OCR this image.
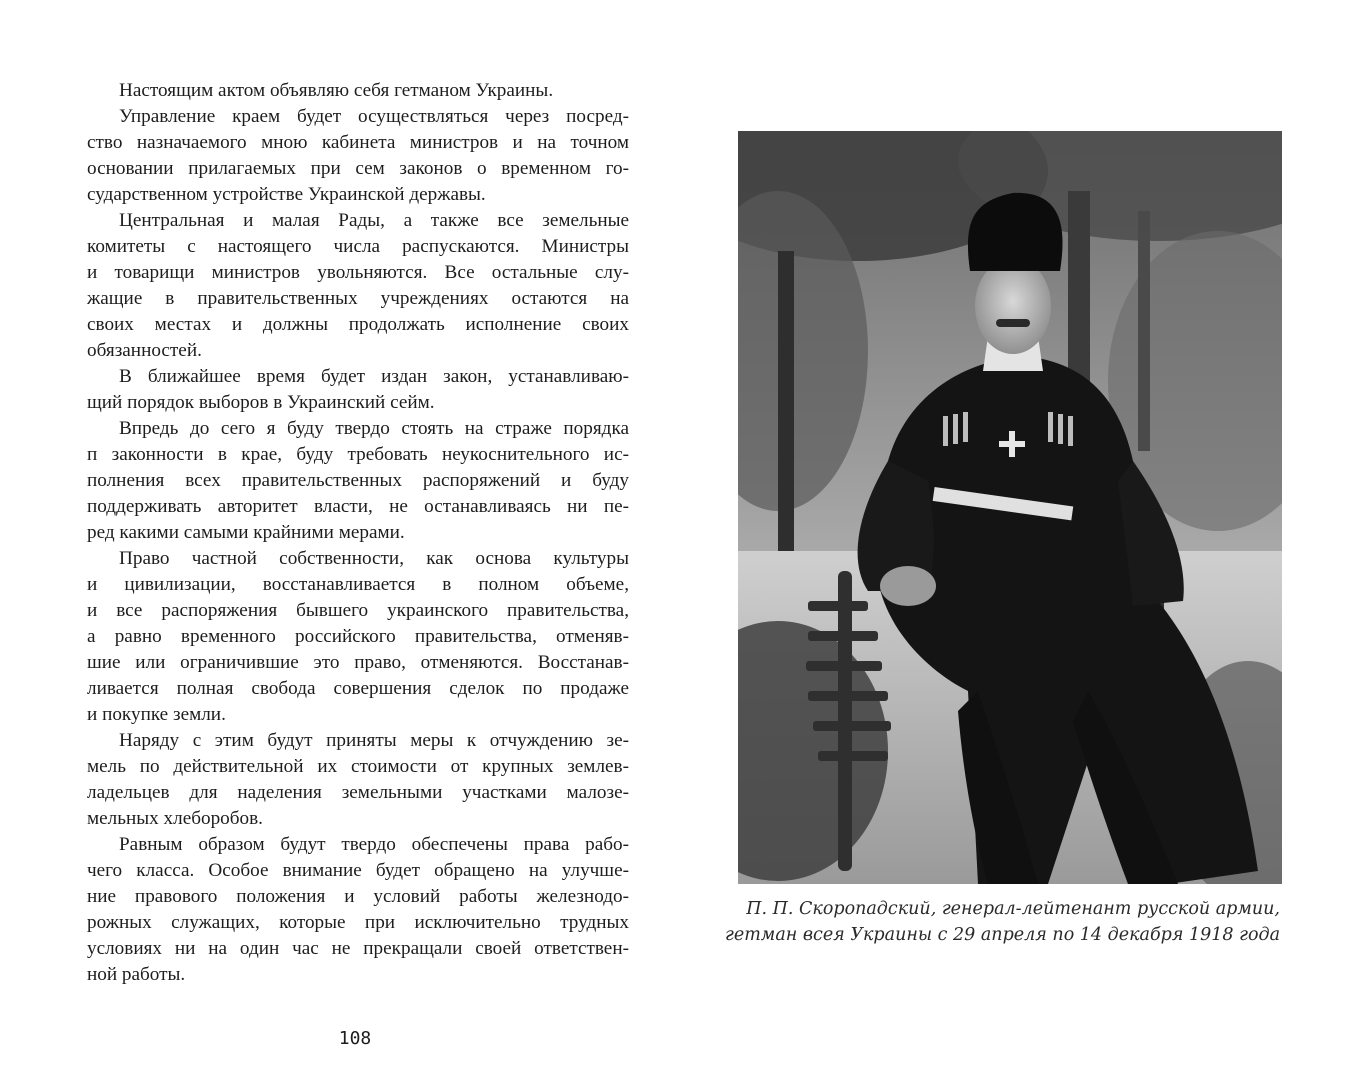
Настоящим актом объявляю себя гетманом Украины.
Управление краем будет осуществляться через посред-
ство назначаемого мною кабинета министров и на точном
основании прилагаемых при сем законов о временном го-
сударственном устройстве Украинской державы.
Центральная и малая Рады, а также все земельные
комитеты с настоящего числа распускаются. Министры
и товарищи министров увольняются. Все остальные слу-
жащие в правительственных учреждениях остаются на
своих местах и должны продолжать исполнение своих
обязанностей.
В ближайшее время будет издан закон, устанавливаю-
щий порядок выборов в Украинский сейм.
Впредь до сего я буду твердо стоять на страже порядка
п законности в крае, буду требовать неукоснительного ис-
полнения всех правительственных распоряжений и буду
поддерживать авторитет власти, не останавливаясь ни пе-
ред какими самыми крайними мерами.
Право частной собственности, как основа культуры
и цивилизации, восстанавливается в полном объеме,
и все распоряжения бывшего украинского правительства,
а равно временного российского правительства, отменяв-
шие или ограничившие это право, отменяются. Восстанав-
ливается полная свобода совершения сделок по продаже
и покупке земли.
Наряду с этим будут приняты меры к отчуждению зе-
мель по действительной их стоимости от крупных землев-
ладельцев для наделения земельными участками малозе-
мельных хлеборобов.
Равным образом будут твердо обеспечены права рабо-
чего класса. Особое внимание будет обращено на улучше-
ние правового положения и условий работы железнодо-
рожных служащих, которые при исключительно трудных
условиях ни на один час не прекращали своей ответствен-
ной работы.
108
П. П. Скоропадский, генерал-лейтенант русской армии,
гетман всея Украины с 29 апреля по 14 декабря 1918 года
